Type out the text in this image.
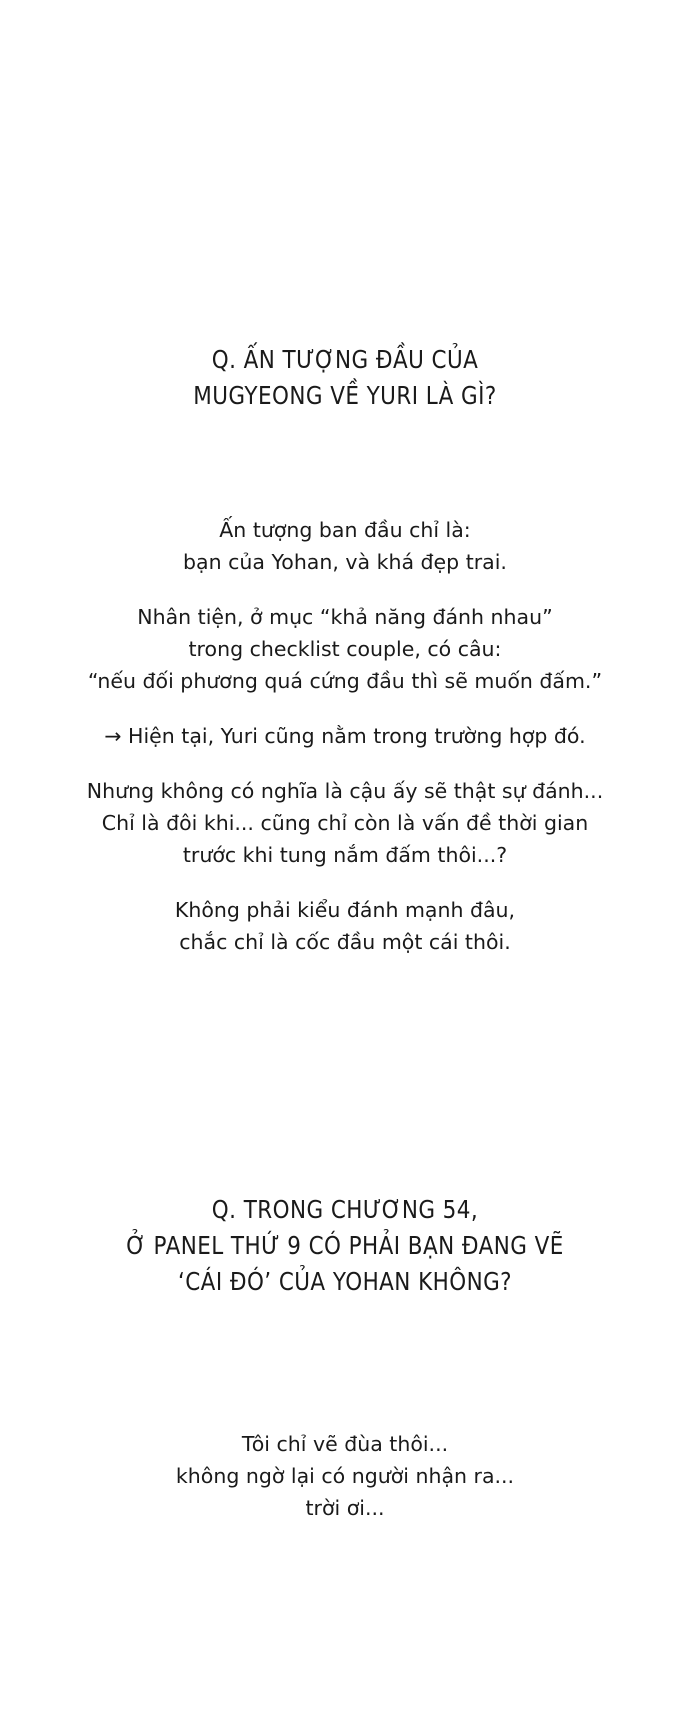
Q. ẤN TƯỢNG ĐẦU CỦA
MUGYEONG VỀ YURI LÀ GÌ?
Ấn tượng ban đầu chỉ là:
bạn của Yohan, và khá đẹp trai.
Nhân tiện, ở mục “khả năng đánh nhau”
trong checklist couple, có câu:
“nếu đối phương quá cứng đầu thì sẽ muốn đấm.”
→ Hiện tại, Yuri cũng nằm trong trường hợp đó.
Nhưng không có nghĩa là cậu ấy sẽ thật sự đánh...
Chỉ là đôi khi... cũng chỉ còn là vấn đề thời gian
trước khi tung nắm đấm thôi...?
Không phải kiểu đánh mạnh đâu,
chắc chỉ là cốc đầu một cái thôi.
Q. TRONG CHƯƠNG 54,
Ở PANEL THỨ 9 CÓ PHẢI BẠN ĐANG VẼ
‘CÁI ĐÓ’ CỦA YOHAN KHÔNG?
Tôi chỉ vẽ đùa thôi...
không ngờ lại có người nhận ra...
trời ơi...
